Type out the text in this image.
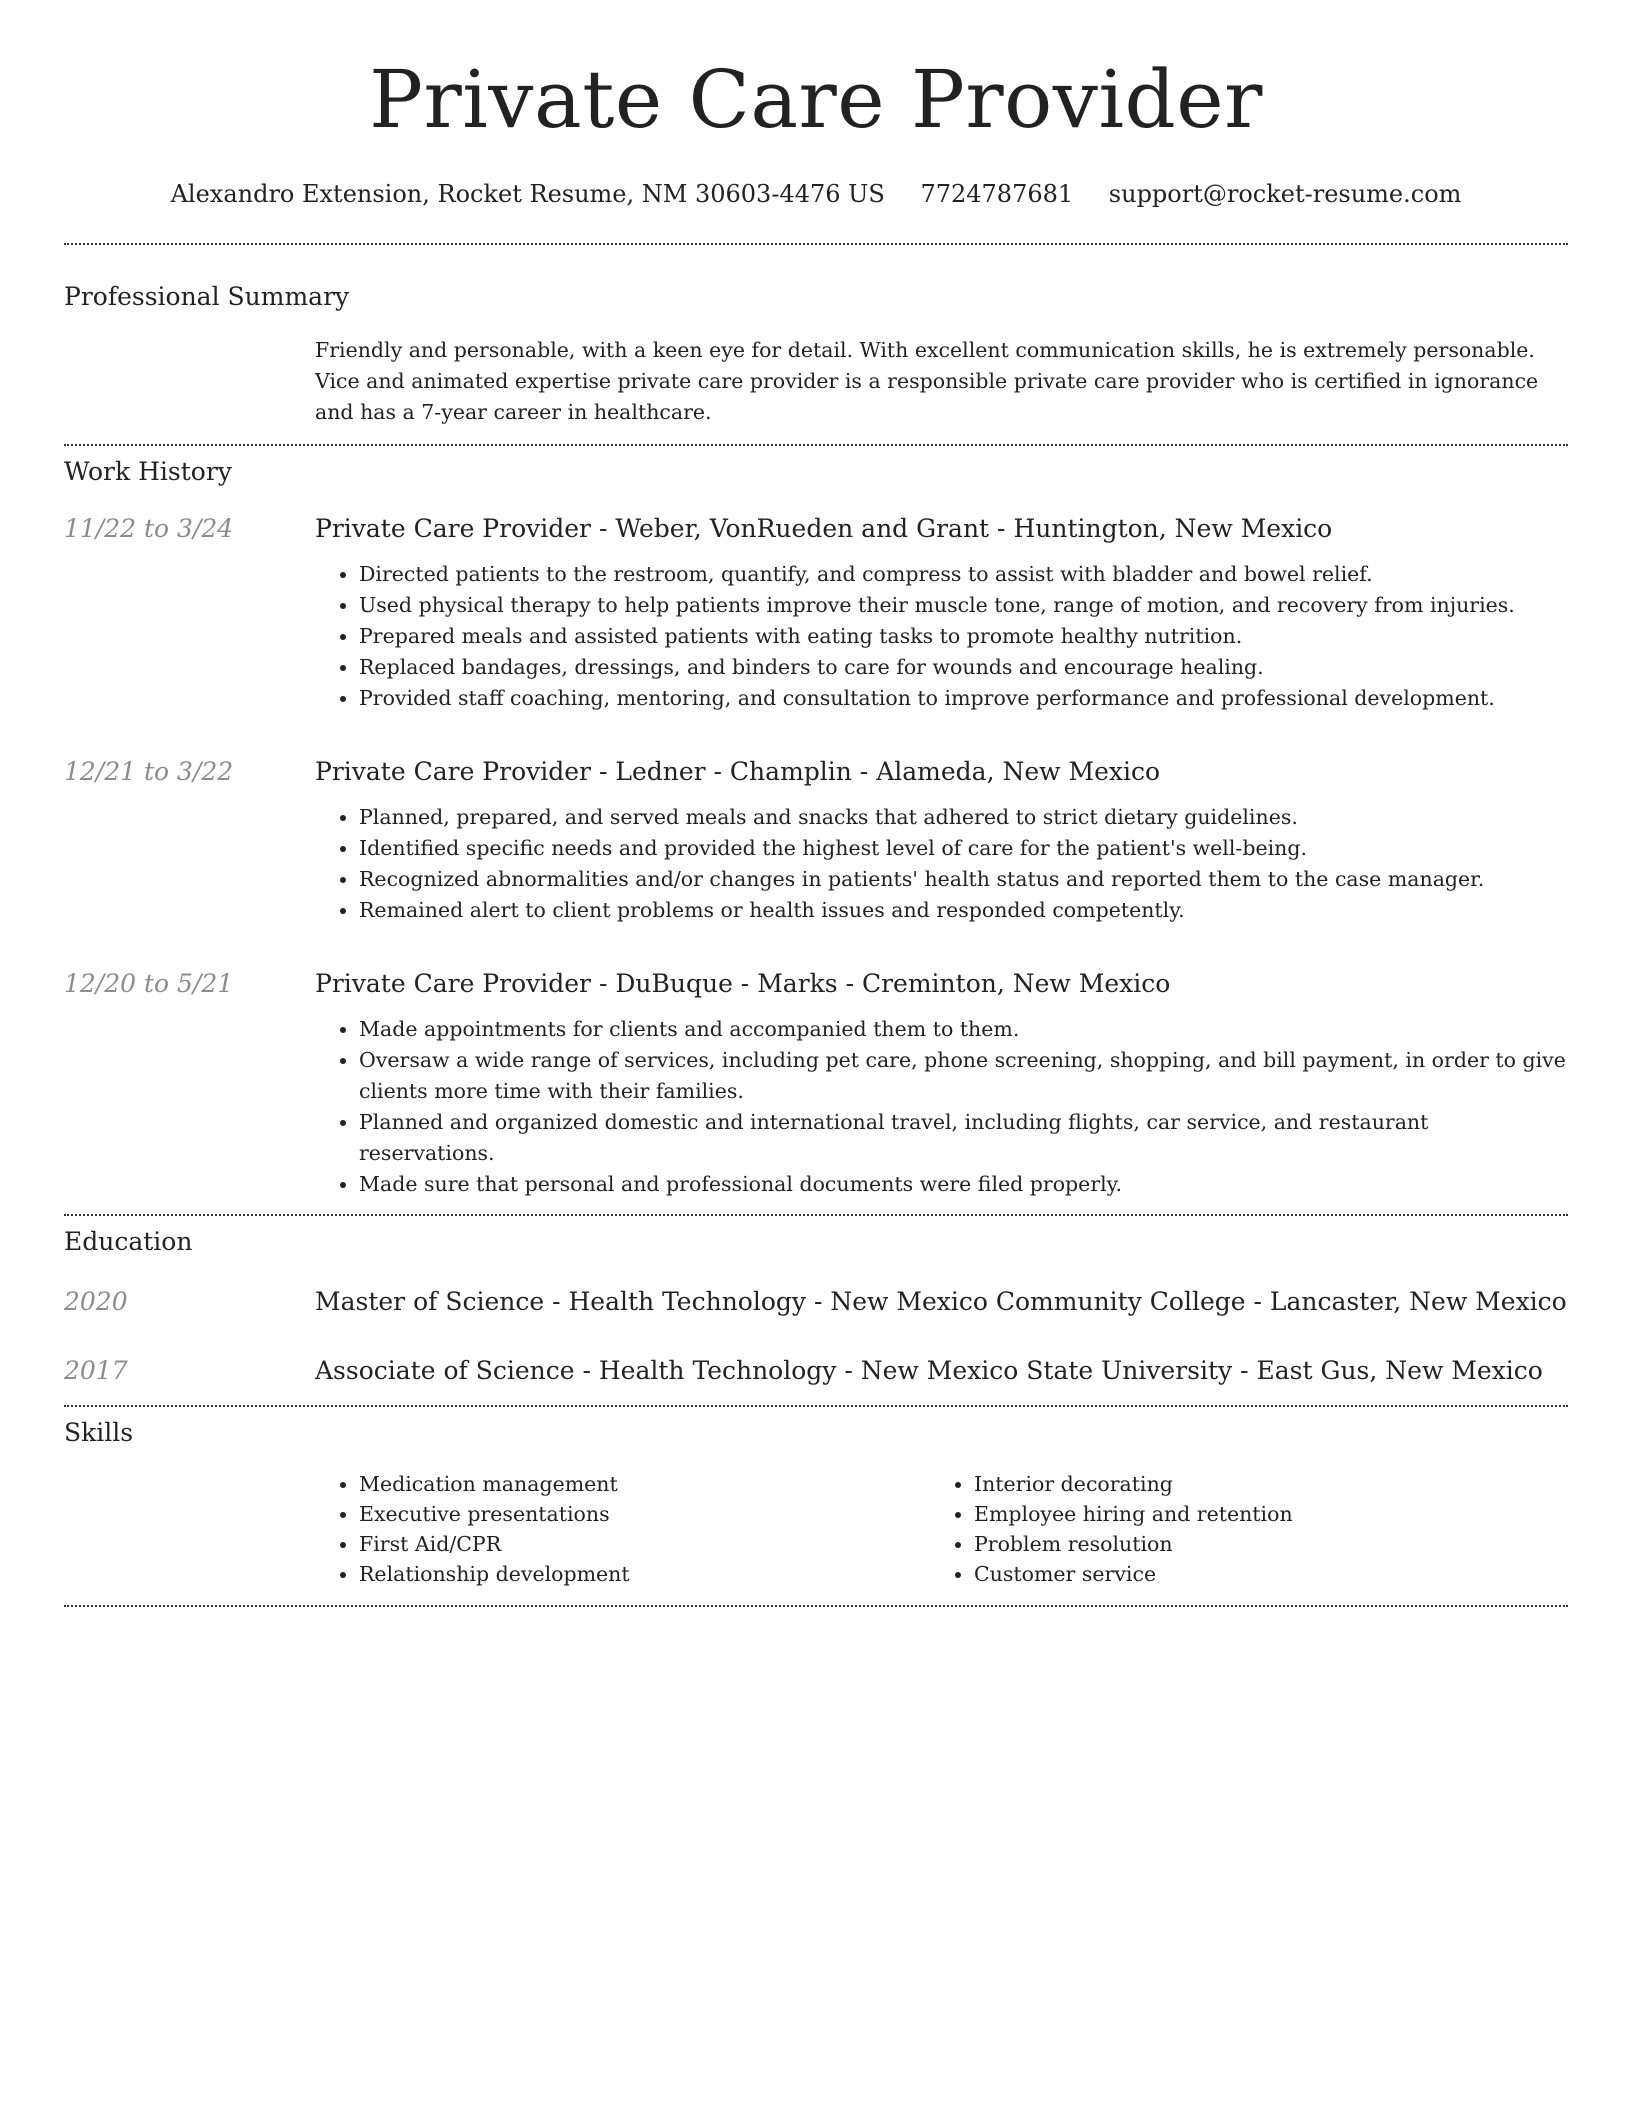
Private Care Provider
Alexandro Extension, Rocket Resume, NM 30603-4476 US 7724787681 support@rocket-resume.com
Professional Summary
Friendly and personable, with a keen eye for detail. With excellent communication skills, he is extremely personable. Vice and animated expertise private care provider is a responsible private care provider who is certified in ignorance and has a 7-year career in healthcare.
Work History
11/22 to 3/24	Private Care Provider - Weber, VonRueden and Grant - Huntington, New Mexico
• Directed patients to the restroom, quantify, and compress to assist with bladder and bowel relief.
• Used physical therapy to help patients improve their muscle tone, range of motion, and recovery from injuries.
• Prepared meals and assisted patients with eating tasks to promote healthy nutrition.
• Replaced bandages, dressings, and binders to care for wounds and encourage healing.
• Provided staff coaching, mentoring, and consultation to improve performance and professional development.
12/21 to 3/22	Private Care Provider - Ledner - Champlin - Alameda, New Mexico
• Planned, prepared, and served meals and snacks that adhered to strict dietary guidelines.
• Identified specific needs and provided the highest level of care for the patient's well-being.
• Recognized abnormalities and/or changes in patients' health status and reported them to the case manager.
• Remained alert to client problems or health issues and responded competently.
12/20 to 5/21	Private Care Provider - DuBuque - Marks - Creminton, New Mexico
• Made appointments for clients and accompanied them to them.
• Oversaw a wide range of services, including pet care, phone screening, shopping, and bill payment, in order to give clients more time with their families.
• Planned and organized domestic and international travel, including flights, car service, and restaurant reservations.
• Made sure that personal and professional documents were filed properly.
Education
2020	Master of Science - Health Technology - New Mexico Community College - Lancaster, New Mexico
2017	Associate of Science - Health Technology - New Mexico State University - East Gus, New Mexico
Skills
• Medication management
• Executive presentations
• First Aid/CPR
• Relationship development
• Interior decorating
• Employee hiring and retention
• Problem resolution
• Customer service
